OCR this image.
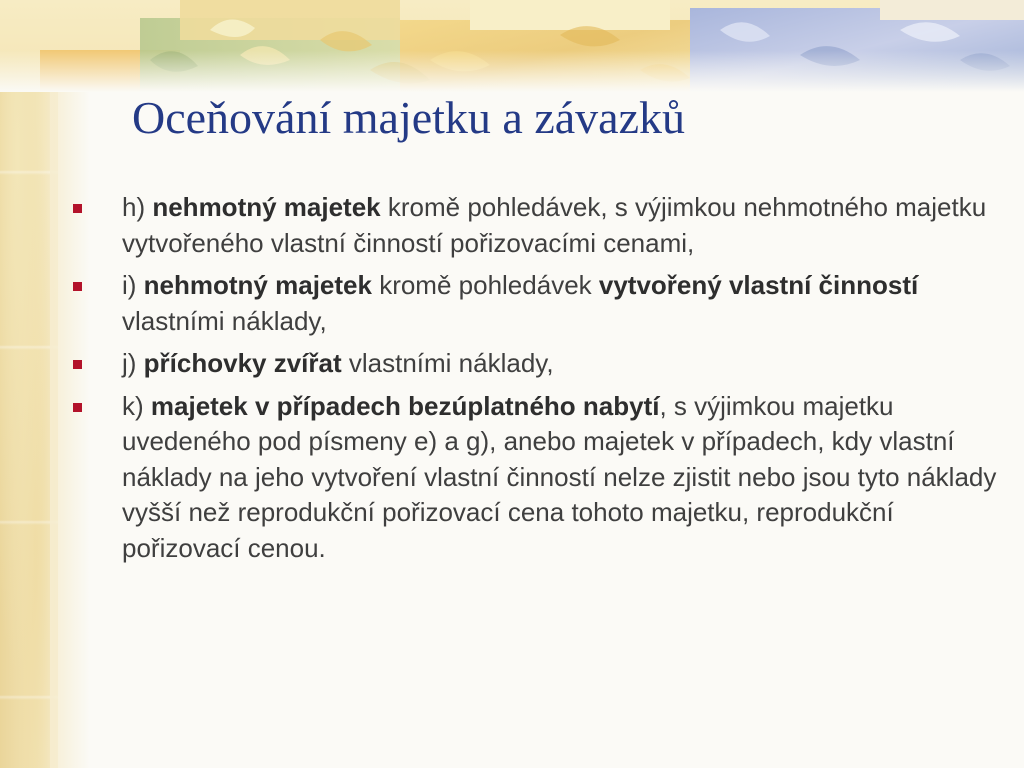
Oceňování majetku a závazků
h) nehmotný majetek kromě pohledávek, s výjimkou nehmotného majetku vytvořeného vlastní činností pořizovacími cenami,
i) nehmotný majetek kromě pohledávek vytvořený vlastní činností vlastními náklady,
j) příchovky zvířat vlastními náklady,
k) majetek v případech bezúplatného nabytí, s výjimkou majetku uvedeného pod písmeny e) a g), anebo majetek v případech, kdy vlastní náklady na jeho vytvoření vlastní činností nelze zjistit nebo jsou tyto náklady vyšší než reprodukční pořizovací cena tohoto majetku, reprodukční pořizovací cenou.
